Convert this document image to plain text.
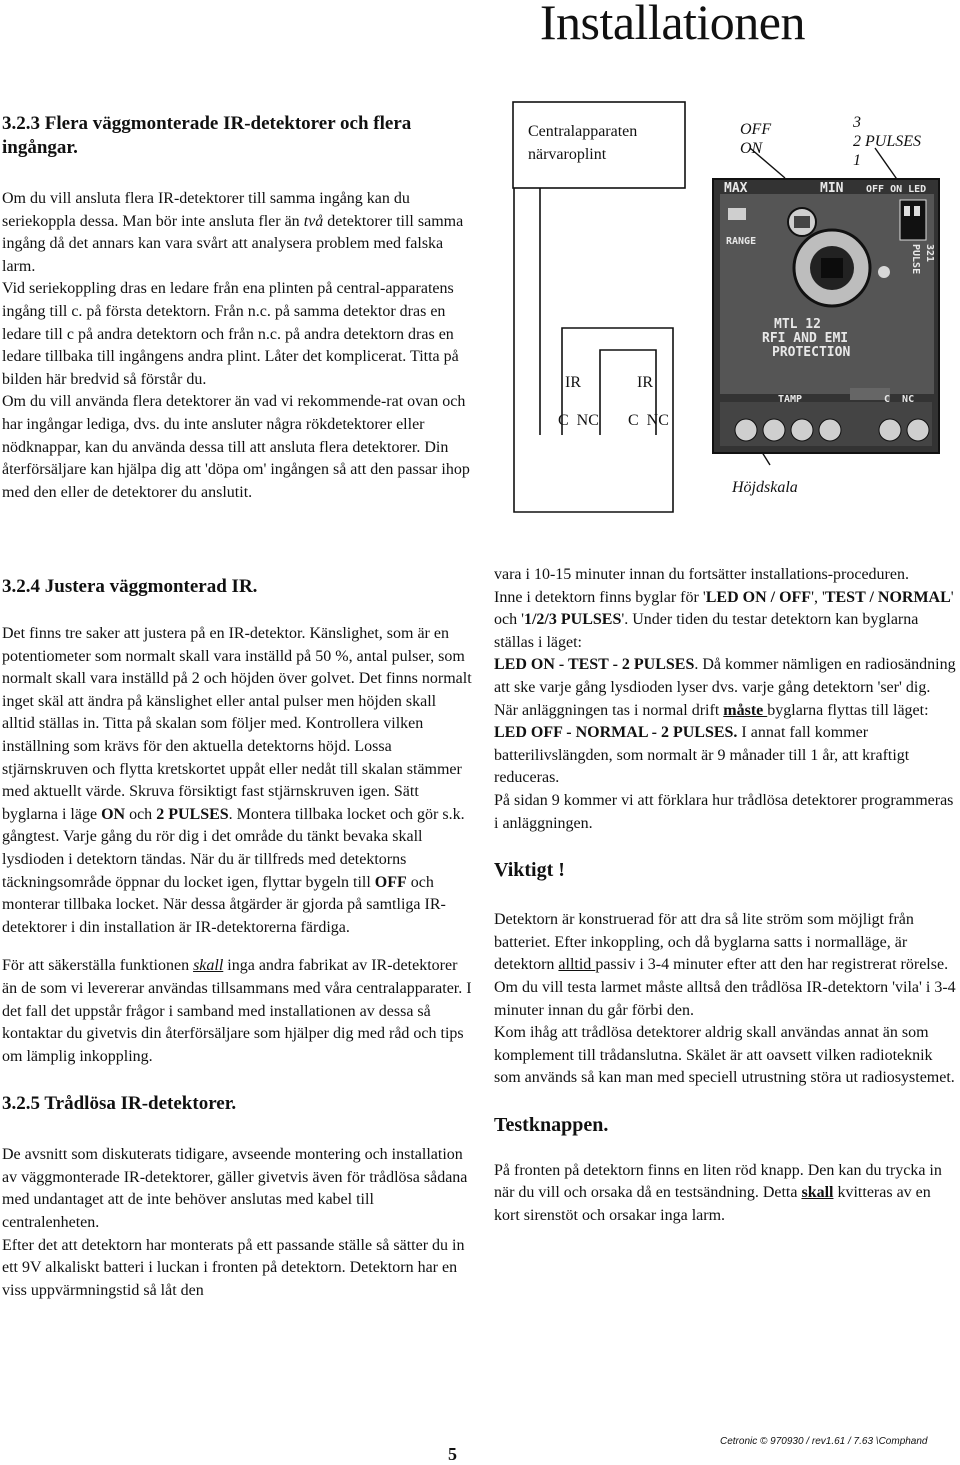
Installationen

3.2.3 Flera väggmonterade IR-detektorer och flera ingångar.

Om du vill ansluta flera IR-detektorer till samma ingång kan du seriekoppla dessa. Man bör inte ansluta fler än två detektorer till samma ingång då det annars kan vara svårt att analysera problem med falska larm.

Vid seriekoppling dras en ledare från ena plinten på central-apparatens ingång till c. på första detektorn. Från n.c. på samma detektor dras en ledare till c på andra detektorn och från n.c. på andra detektorn dras en ledare tillbaka till ingångens andra plint. Låter det komplicerat. Titta på bilden här bredvid så förstår du.

Om du vill använda flera detektorer än vad vi rekommende-rat ovan och har ingångar lediga, dvs. du inte ansluter några rökdetektorer eller nödknappar, kan du använda dessa till att ansluta flera detektorer. Din återförsäljare kan hjälpa dig att 'döpa om' ingången så att den passar ihop med den eller de detektorer du anslutit.

3.2.4 Justera väggmonterad IR.

Det finns tre saker att justera på en IR-detektor. Känslighet, som är en potentiometer som normalt skall vara inställd på 50 %, antal pulser, som normalt skall vara inställd på 2 och höjden över golvet. Det finns normalt inget skäl att ändra på känslighet eller antal pulser men höjden skall alltid ställas in. Titta på skalan som följer med. Kontrollera vilken inställning som krävs för den aktuella detektorns höjd. Lossa stjärnskruven och flytta kretskortet uppåt eller nedåt till skalan stämmer med aktuellt värde. Skruva försiktigt fast stjärnskruven igen. Sätt byglarna i läge ON och 2 PULSES. Montera tillbaka locket och gör s.k. gångtest. Varje gång du rör dig i det område du tänkt bevaka skall lysdioden i detektorn tändas. När du är tillfreds med detektorns täckningsområde öppnar du locket igen, flyttar bygeln till OFF och monterar tillbaka locket. När dessa åtgärder är gjorda på samtliga IR-detektorer i din installation är IR-detektorerna färdiga.

För att säkerställa funktionen skall inga andra fabrikat av IR-detektorer än de som vi levererar användas tillsammans med våra centralapparater. I det fall det uppstår frågor i samband med installationen av dessa så kontaktar du givetvis din återförsäljare som hjälper dig med råd och tips om lämplig inkoppling.

3.2.5 Trådlösa IR-detektorer.

De avsnitt som diskuterats tidigare, avseende montering och installation av väggmonterade IR-detektorer, gäller givetvis även för trådlösa sådana med undantaget att de inte behöver anslutas med kabel till centralenheten.

Efter det att detektorn har monterats på ett passande ställe så sätter du in ett 9V alkaliskt batteri i luckan i fronten på detektorn. Detektorn har en viss uppvärmningstid så låt den

vara i 10-15 minuter innan du fortsätter installations-proceduren.

Inne i detektorn finns byglar för 'LED ON / OFF', 'TEST / NORMAL' och '1/2/3 PULSES'. Under tiden du testar detektorn kan byglarna ställas i läget:

LED ON - TEST - 2 PULSES. Då kommer nämligen en radiosändning att ske varje gång lysdioden lyser dvs. varje gång detektorn 'ser' dig.

När anläggningen tas i normal drift måste byglarna flyttas till läget:

LED OFF - NORMAL - 2 PULSES. I annat fall kommer batterilivslängden, som normalt är 9 månader till 1 år, att kraftigt reduceras.

På sidan 9 kommer vi att förklara hur trådlösa detektorer programmeras i anläggningen.

Viktigt !

Detektorn är konstruerad för att dra så lite ström som möjligt från batteriet. Efter inkoppling, och då byglarna satts i normalläge, är detektorn alltid passiv i 3-4 minuter efter att den har registrerat rörelse. Om du vill testa larmet måste alltså den trådlösa IR-detektorn 'vila' i 3-4 minuter innan du går förbi den.

Kom ihåg att trådlösa detektorer aldrig skall användas annat än som komplement till trådanslutna. Skälet är att oavsett vilken radioteknik som används så kan man med speciell utrustning störa ut radiosystemet.

Testknappen.

På fronten på detektorn finns en liten röd knapp. Den kan du trycka in när du vill och orsaka då en testsändning. Detta skall kvitteras av en kort sirenstöt och orsakar inga larm.

Centralapparaten
närvaroplint
OFF
ON
3
2 PULSES
1
IR	IR
C  NC C  NC
Höjdskala
MAX	MIN OFF ON LED
RANGE
PULSE 321
MTL 12
RFI AND EMI
PROTECTION
TAMP	C  NC
5
Cetronic © 970930 / rev1.61 / 7.63 \Comphand
